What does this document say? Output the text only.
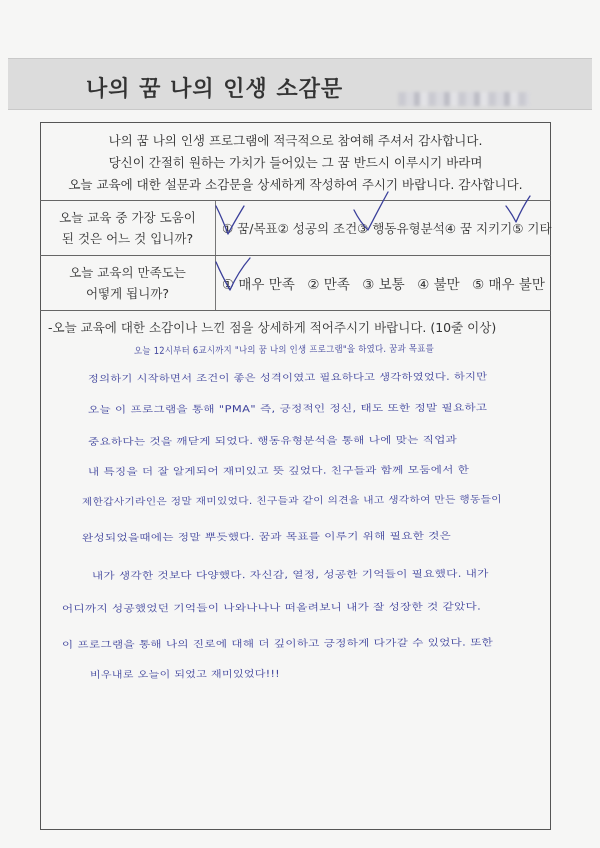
나의 꿈 나의 인생 소감문
나의 꿈 나의 인생 프로그램에 적극적으로 참여해 주셔서 감사합니다.
당신이 간절히 원하는 가치가 들어있는 그 꿈 반드시 이루시기 바라며
오늘 교육에 대한 설문과 소감문을 상세하게 작성하여 주시기 바랍니다. 감사합니다.
오늘 교육 중 가장 도움이
된 것은 어느 것 입니까?
① 꿈/목표 ② 성공의 조건 ③ 행동유형분석 ④ 꿈 지키기 ⑤ 기타
오늘 교육의 만족도는
어떻게 됩니까?
① 매우 만족 ② 만족 ③ 보통 ④ 불만 ⑤ 매우 불만
-오늘 교육에 대한 소감이나 느낀 점을 상세하게 적어주시기 바랍니다. (10줄 이상)
오늘 12시부터 6교시까지 "나의 꿈 나의 인생 프로그램"을 하였다. 꿈과 목표를
정의하기 시작하면서 조건이 좋은 성격이였고 필요하다고 생각하였었다. 하지만
오늘 이 프로그램을 통해 "PMA" 즉, 긍정적인 정신, 태도 또한 정말 필요하고
중요하다는 것을 깨닫게 되었다. 행동유형분석을 통해 나에 맞는 직업과
내 특징을 더 잘 알게되어 재미있고 뜻 깊었다. 친구들과 함께 모둠에서 한
제한갑사기라인은 정말 재미있었다. 친구들과 같이 의견을 내고 생각하여 만든 행동들이
완성되었을때에는 정말 뿌듯했다. 꿈과 목표를 이루기 위해 필요한 것은
내가 생각한 것보다 다양했다. 자신감, 열정, 성공한 기억들이 필요했다. 내가
어디까지 성공했었던 기억들이 나와나나나 떠올려보니 내가 잘 성장한 것 같았다.
이 프로그램을 통해 나의 진로에 대해 더 깊이하고 긍정하게 다가갈 수 있었다. 또한
비우내로 오늘이 되었고 재미있었다!!!
